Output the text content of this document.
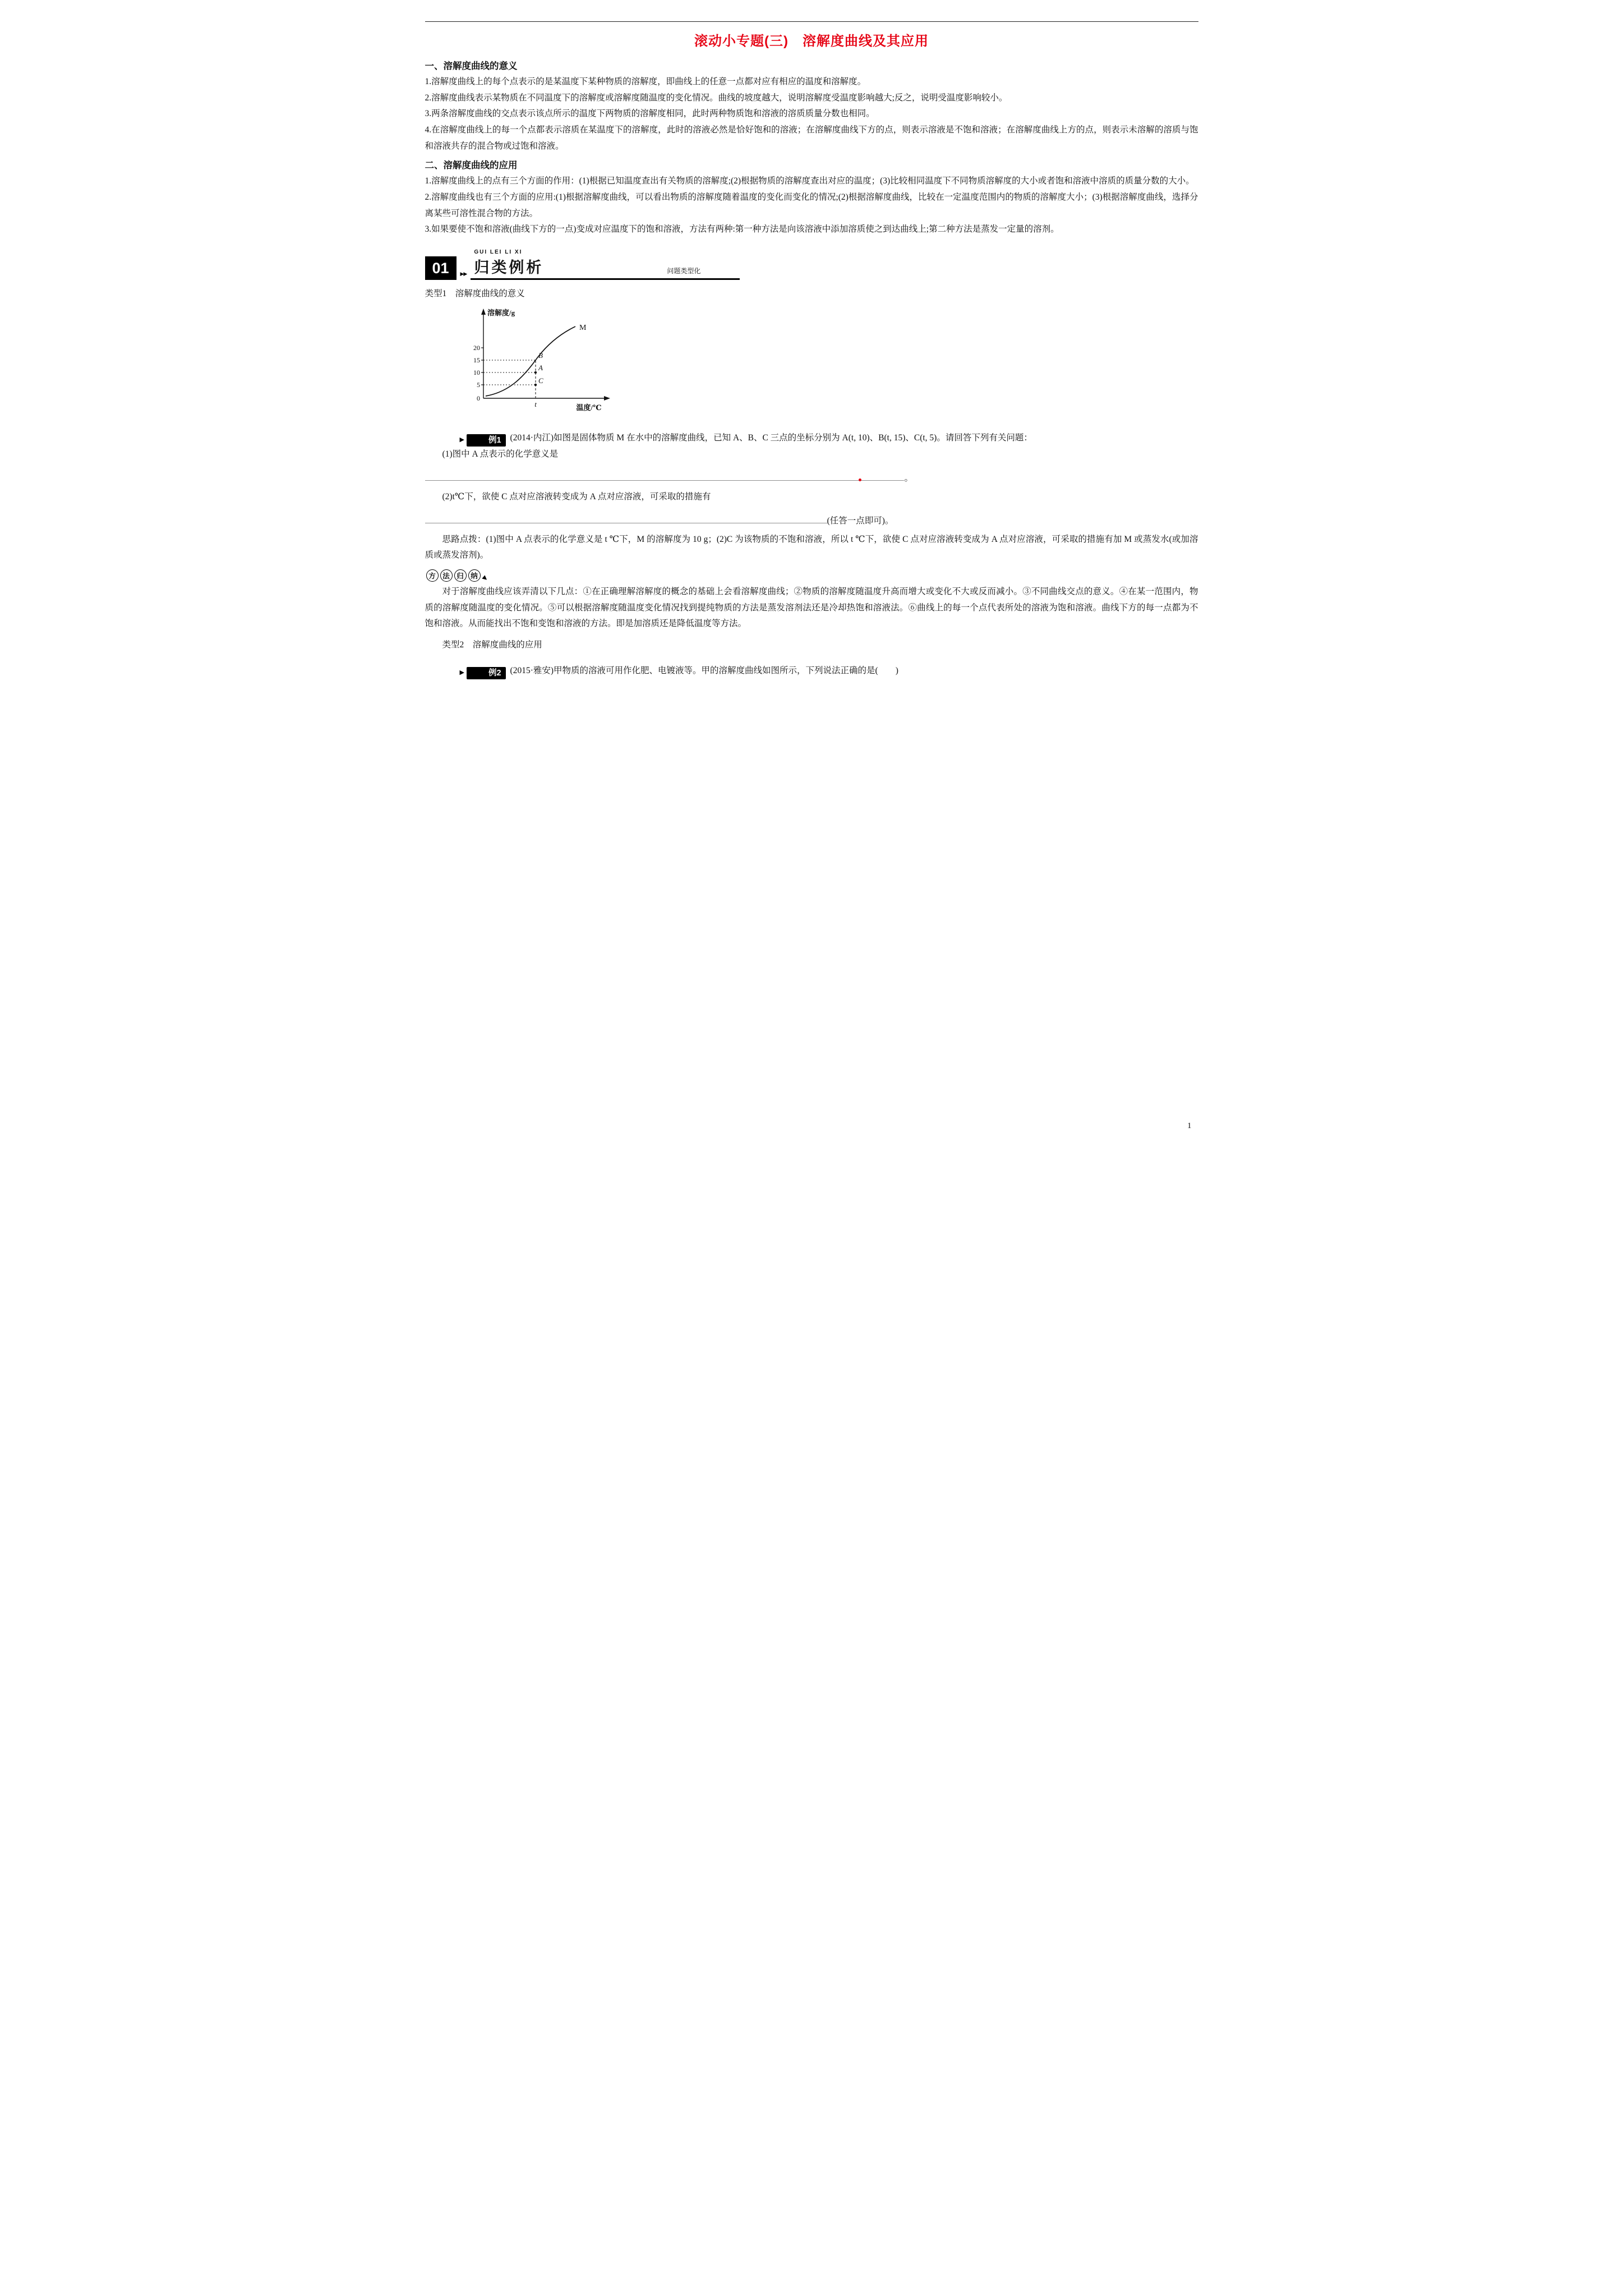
滚动小专题(三)　溶解度曲线及其应用
一、溶解度曲线的意义

1.溶解度曲线上的每个点表示的是某温度下某种物质的溶解度，即曲线上的任意一点都对应有相应的温度和溶解度。

2.溶解度曲线表示某物质在不同温度下的溶解度或溶解度随温度的变化情况。曲线的坡度越大，说明溶解度受温度影响越大;反之，说明受温度影响较小。

3.两条溶解度曲线的交点表示该点所示的温度下两物质的溶解度相同，此时两种物质饱和溶液的溶质质量分数也相同。

4.在溶解度曲线上的每一个点都表示溶质在某温度下的溶解度，此时的溶液必然是恰好饱和的溶液；在溶解度曲线下方的点，则表示溶液是不饱和溶液；在溶解度曲线上方的点，则表示未溶解的溶质与饱和溶液共存的混合物或过饱和溶液。

二、溶解度曲线的应用

1.溶解度曲线上的点有三个方面的作用：(1)根据已知温度查出有关物质的溶解度;(2)根据物质的溶解度查出对应的温度；(3)比较相同温度下不同物质溶解度的大小或者饱和溶液中溶质的质量分数的大小。

2.溶解度曲线也有三个方面的应用:(1)根据溶解度曲线，可以看出物质的溶解度随着温度的变化而变化的情况;(2)根据溶解度曲线，比较在一定温度范围内的物质的溶解度大小；(3)根据溶解度曲线，选择分离某些可溶性混合物的方法。

3.如果要使不饱和溶液(曲线下方的一点)变成对应温度下的饱和溶液，方法有两种:第一种方法是向该溶液中添加溶质使之到达曲线上;第二种方法是蒸发一定量的溶剂。

01	▶▶
GUI LEI LI XI
归类例析	问题类型化

类型1　溶解度曲线的意义

溶解度/g
温度/℃
20
15
10
5
0
t
M
B
A
C

▶	例1	(2014·内江)如图是固体物质 M 在水中的溶解度曲线，已知 A、B、C 三点的坐标分别为 A(t, 10)、B(t, 15)、C(t, 5)。请回答下列有关问题：

(1)图中 A 点表示的化学意义是

。

(2)t℃下，欲使 C 点对应溶液转变成为 A 点对应溶液，可采取的措施有

(任答一点即可)。

思路点拨：(1)图中 A 点表示的化学意义是 t ℃下，M 的溶解度为 10 g；(2)C 为该物质的不饱和溶液，所以 t ℃下，欲使 C 点对应溶液转变成为 A 点对应溶液，可采取的措施有加 M 或蒸发水(或加溶质或蒸发溶剂)。

方 法 归 纳

对于溶解度曲线应该弄清以下几点：①在正确理解溶解度的概念的基础上会看溶解度曲线；②物质的溶解度随温度升高而增大或变化不大或反而减小。③不同曲线交点的意义。④在某一范围内，物质的溶解度随温度的变化情况。⑤可以根据溶解度随温度变化情况找到提纯物质的方法是蒸发溶剂法还是冷却热饱和溶液法。⑥曲线上的每一个点代表所处的溶液为饱和溶液。曲线下方的每一点都为不饱和溶液。从而能找出不饱和变饱和溶液的方法。即是加溶质还是降低温度等方法。

类型2　溶解度曲线的应用

▶	例2	(2015·雅安)甲物质的溶液可用作化肥、电镀液等。甲的溶解度曲线如图所示，下列说法正确的是(　　)

1
